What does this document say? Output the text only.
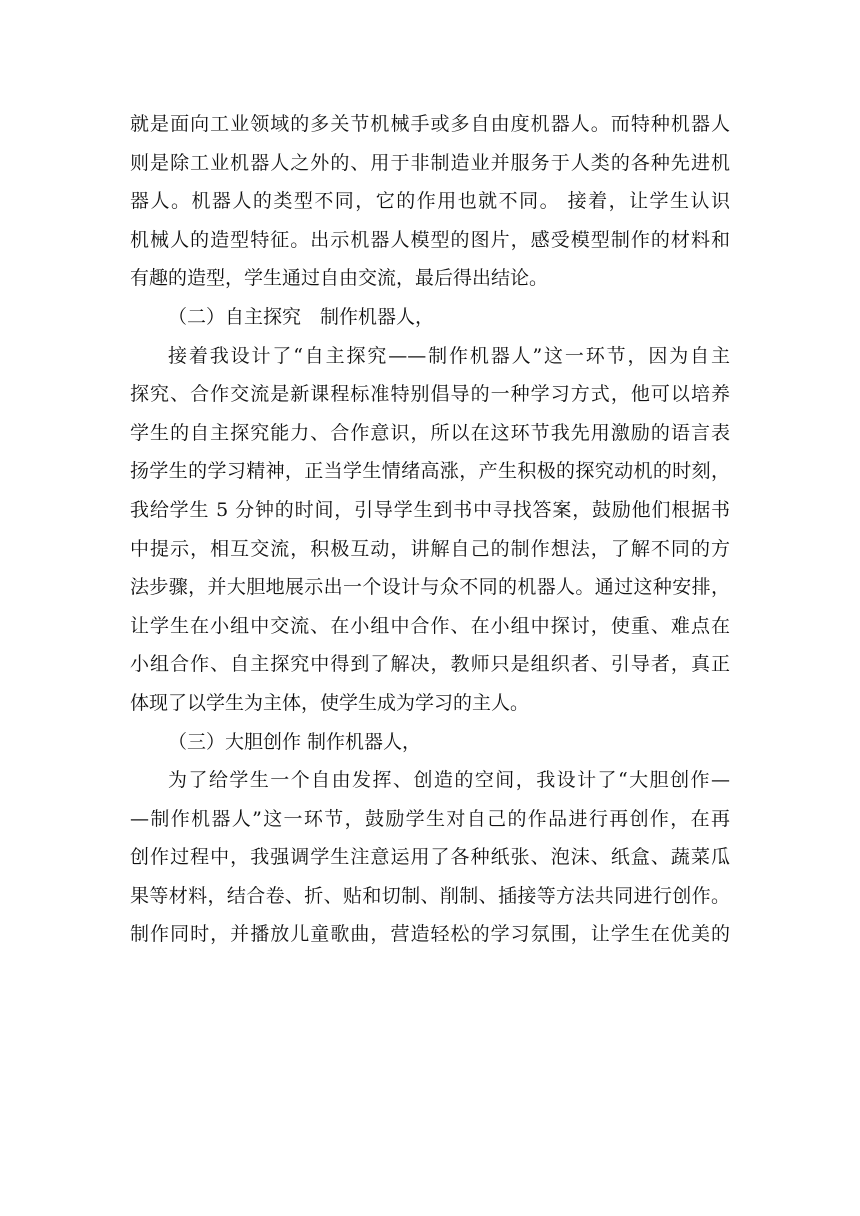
就是面向工业领域的多关节机械手或多自由度机器人。而特种机器人
则是除工业机器人之外的、用于非制造业并服务于人类的各种先进机
器人。机器人的类型不同，它的作用也就不同。 接着，让学生认识
机械人的造型特征。出示机器人模型的图片，感受模型制作的材料和
有趣的造型，学生通过自由交流，最后得出结论。
（二）自主探究　制作机器人，
接着我设计了“自主探究——制作机器人”这一环节，因为自主
探究、合作交流是新课程标准特别倡导的一种学习方式，他可以培养
学生的自主探究能力、合作意识，所以在这环节我先用激励的语言表
扬学生的学习精神，正当学生情绪高涨，产生积极的探究动机的时刻，
我给学生 5 分钟的时间，引导学生到书中寻找答案，鼓励他们根据书
中提示，相互交流，积极互动，讲解自己的制作想法，了解不同的方
法步骤，并大胆地展示出一个设计与众不同的机器人。通过这种安排，
让学生在小组中交流、在小组中合作、在小组中探讨，使重、难点在
小组合作、自主探究中得到了解决，教师只是组织者、引导者，真正
体现了以学生为主体，使学生成为学习的主人。
（三）大胆创作 制作机器人，
为了给学生一个自由发挥、创造的空间，我设计了“大胆创作—
—制作机器人”这一环节，鼓励学生对自己的作品进行再创作，在再
创作过程中，我强调学生注意运用了各种纸张、泡沫、纸盒、蔬菜瓜
果等材料，结合卷、折、贴和切制、削制、插接等方法共同进行创作。
制作同时，并播放儿童歌曲，营造轻松的学习氛围，让学生在优美的
